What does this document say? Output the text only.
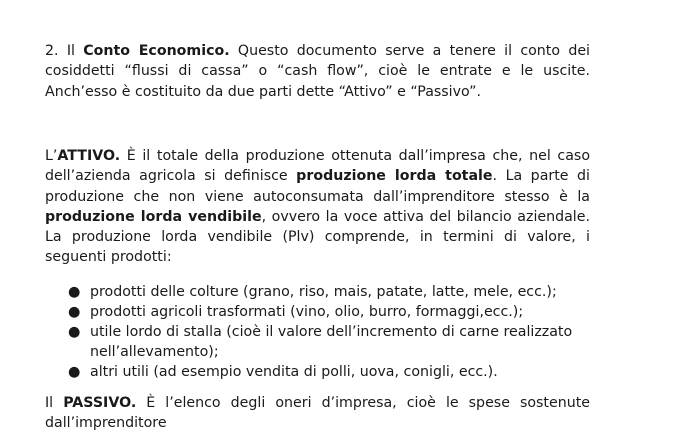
2. Il Conto Economico. Questo documento serve a tenere il conto dei cosiddetti “flussi di cassa” o “cash flow”, cioè le entrate e le uscite. Anch’esso è costituito da due parti dette “Attivo” e “Passivo”.

L’ATTIVO. È il totale della produzione ottenuta dall’impresa che, nel caso dell’azienda agricola si definisce produzione lorda totale. La parte di produzione che non viene autoconsumata dall’imprenditore stesso è la produzione lorda vendibile, ovvero la voce attiva del bilancio aziendale. La produzione lorda vendibile (Plv) comprende, in termini di valore, i seguenti prodotti:

● prodotti delle colture (grano, riso, mais, patate, latte, mele, ecc.);
● prodotti agricoli trasformati (vino, olio, burro, formaggi,ecc.);
● utile lordo di stalla (cioè il valore dell’incremento di carne realizzato nell’allevamento);
● altri utili (ad esempio vendita di polli, uova, conigli, ecc.).

Il PASSIVO. È l’elenco degli oneri d’impresa, cioè le spese sostenute dall’imprenditore
